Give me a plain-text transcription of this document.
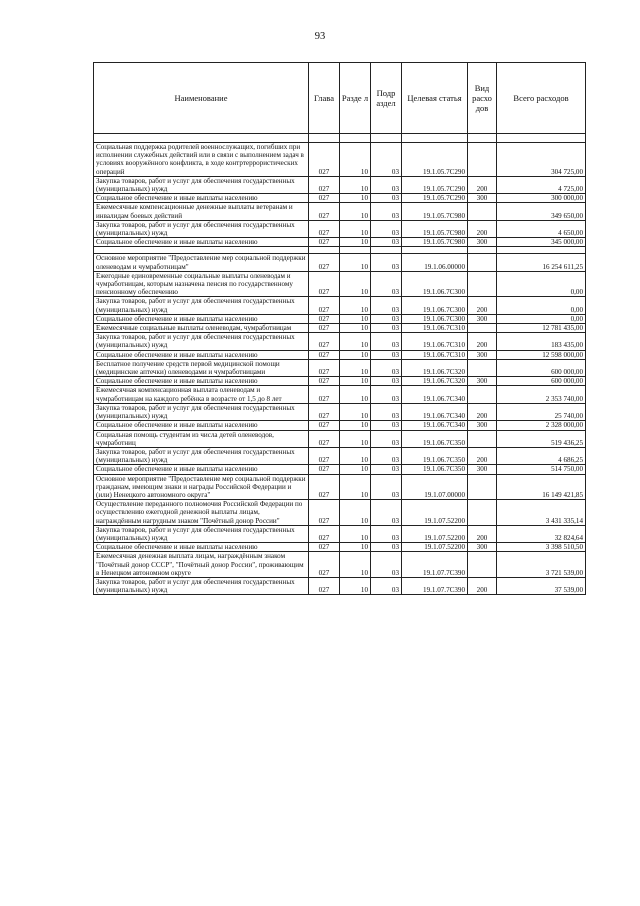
93
Наименование	Глава	Разде л	Подр аздел	Целевая статья	Вид расхо дов	Всего расходов

Социальная поддержка родителей военнослужащих, погибших при исполнении служебных действий или в связи с выполнением задач в условиях вооружённого конфликта, в ходе контртеррористических операций	027	10	03	19.1.05.7С290		304 725,00
Закупка товаров, работ и услуг для обеспечения государственных (муниципальных) нужд	027	10	03	19.1.05.7С290	200	4 725,00
Социальное обеспечение и иные выплаты населению	027	10	03	19.1.05.7С290	300	300 000,00
Ежемесячные компенсационные денежные выплаты ветеранам и инвалидам боевых действий	027	10	03	19.1.05.7С980		349 650,00
Закупка товаров, работ и услуг для обеспечения государственных (муниципальных) нужд	027	10	03	19.1.05.7С980	200	4 650,00
Социальное обеспечение и иные выплаты населению	027	10	03	19.1.05.7С980	300	345 000,00

Основное мероприятие "Предоставление мер социальной поддержки оленеводам и чумработницам"	027	10	03	19.1.06.00000		16 254 611,25
Ежегодные единовременные социальные выплаты оленеводам и чумработницам, которым назначена пенсия по государственному пенсионному обеспечению	027	10	03	19.1.06.7С300		0,00
Закупка товаров, работ и услуг для обеспечения государственных (муниципальных) нужд	027	10	03	19.1.06.7С300	200	0,00
Социальное обеспечение и иные выплаты населению	027	10	03	19.1.06.7С300	300	0,00
Ежемесячные социальные выплаты оленеводам, чумработницам	027	10	03	19.1.06.7С310		12 781 435,00
Закупка товаров, работ и услуг для обеспечения государственных (муниципальных) нужд	027	10	03	19.1.06.7С310	200	183 435,00
Социальное обеспечение и иные выплаты населению	027	10	03	19.1.06.7С310	300	12 598 000,00
Бесплатное получение средств первой медицинской помощи (медицинские аптечки) оленеводами и чумработницами	027	10	03	19.1.06.7С320		600 000,00
Социальное обеспечение и иные выплаты населению	027	10	03	19.1.06.7С320	300	600 000,00
Ежемесячная компенсационная выплата оленеводам и чумработницам на каждого ребёнка в возрасте от 1,5 до 8 лет	027	10	03	19.1.06.7С340		2 353 740,00
Закупка товаров, работ и услуг для обеспечения государственных (муниципальных) нужд	027	10	03	19.1.06.7С340	200	25 740,00
Социальное обеспечение и иные выплаты населению	027	10	03	19.1.06.7С340	300	2 328 000,00
Социальная помощь студентам из числа детей оленеводов, чумработниц	027	10	03	19.1.06.7С350		519 436,25
Закупка товаров, работ и услуг для обеспечения государственных (муниципальных) нужд	027	10	03	19.1.06.7С350	200	4 686,25
Социальное обеспечение и иные выплаты населению	027	10	03	19.1.06.7С350	300	514 750,00
Основное мероприятие "Предоставление мер социальной поддержки гражданам, имеющим знаки и награды Российской Федерации и (или) Ненецкого автономного округа"	027	10	03	19.1.07.00000		16 149 421,85
Осуществление переданного полномочия Российской Федерации по осуществлению ежегодной денежной выплаты лицам, награждённым нагрудным знаком "Почётный донор России"	027	10	03	19.1.07.52200		3 431 335,14
Закупка товаров, работ и услуг для обеспечения государственных (муниципальных) нужд	027	10	03	19.1.07.52200	200	32 824,64
Социальное обеспечение и иные выплаты населению	027	10	03	19.1.07.52200	300	3 398 510,50
Ежемесячная денежная выплата лицам, награждённым знаком "Почётный донор СССР", "Почётный донор России", проживающим в Ненецком автономном округе	027	10	03	19.1.07.7С390		3 721 539,00
Закупка товаров, работ и услуг для обеспечения государственных (муниципальных) нужд	027	10	03	19.1.07.7С390	200	37 539,00
